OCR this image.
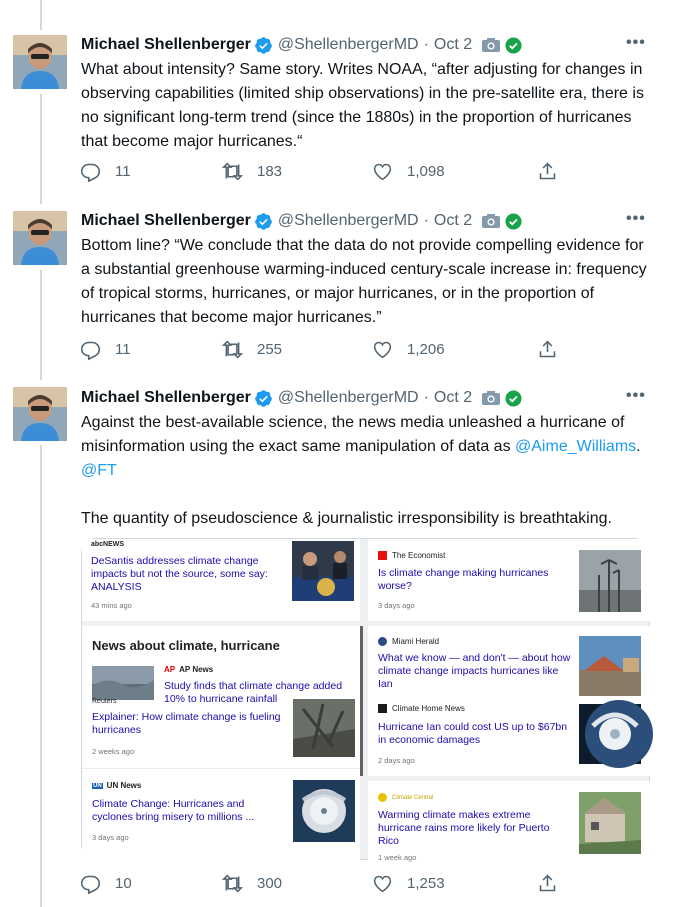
Michael Shellenberger @ShellenbergerMD · Oct 2	•••

What about intensity? Same story. Writes NOAA, “after adjusting for changes in observing capabilities (limited ship observations) in the pre-satellite era, there is no significant long-term trend (since the 1880s) in the proportion of hurricanes that become major hurricanes.“

11	183	1,098
Michael Shellenberger @ShellenbergerMD · Oct 2	•••

Bottom line? “We conclude that the data do not provide compelling evidence for a substantial greenhouse warming-induced century-scale increase in: frequency of tropical storms, hurricanes, or major hurricanes, or in the proportion of hurricanes that become major hurricanes.”

11	255	1,206
Michael Shellenberger @ShellenbergerMD · Oct 2	•••

Against the best-available science, the news media unleashed a hurricane of misinformation using the exact same manipulation of data as @Aime_Williams. @FT

The quantity of pseudoscience & journalistic irresponsibility is breathtaking.

abcNEWS
DeSantis addresses climate change impacts but not the source, some say: ANALYSIS
43 mins ago
News about climate, hurricane
AP AP News
Study finds that climate change added 10% to hurricane rainfall
Reuters
Explainer: How climate change is fueling hurricanes
2 weeks ago
UN UN News
Climate Change: Hurricanes and cyclones bring misery to millions ...
3 days ago
The Economist
Is climate change making hurricanes worse?
3 days ago
Miami Herald
What we know — and don't — about how climate change impacts hurricanes like Ian
Climate Home News
Hurricane Ian could cost US up to $67bn in economic damages
2 days ago
Climate Central
Warming climate makes extreme hurricane rains more likely for Puerto Rico
1 week ago
10	300	1,253
